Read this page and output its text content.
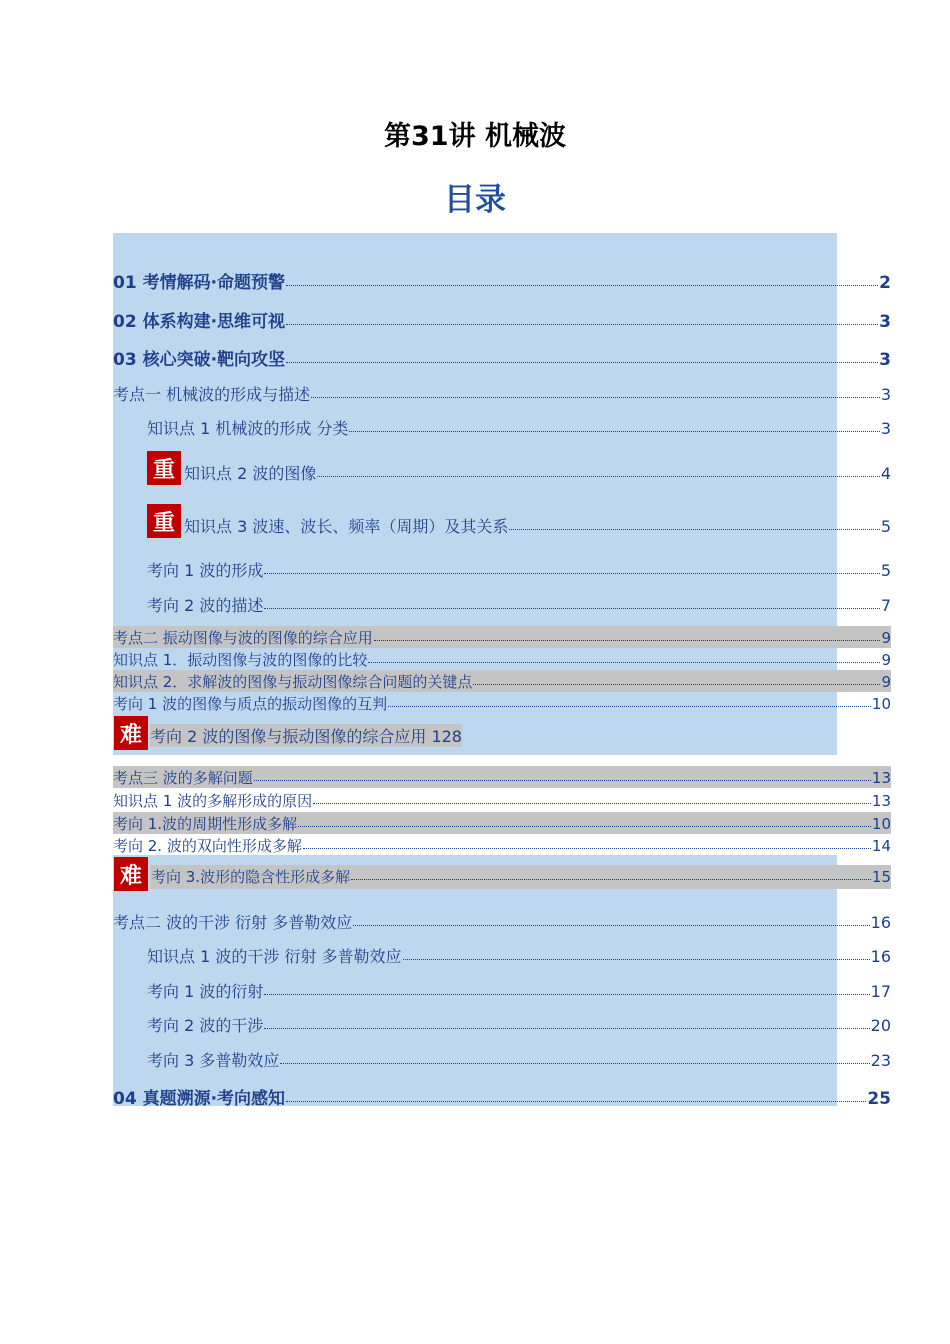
第31讲 机械波
目录
01 考情解码·命题预警	2
02 体系构建·思维可视	3
03 核心突破·靶向攻坚	3
考点一 机械波的形成与描述	3
知识点 1 机械波的形成 分类	3
重 知识点 2 波的图像	4
重 知识点 3 波速、波长、频率（周期）及其关系	5
考向 1 波的形成	5
考向 2 波的描述	7
考点二 振动图像与波的图像的综合应用	9
知识点 1．振动图像与波的图像的比较	9
知识点 2．求解波的图像与振动图像综合问题的关键点	9
考向 1 波的图像与质点的振动图像的互判	10
难 考向 2 波的图像与振动图像的综合应用 128
考点三 波的多解问题	13
知识点 1 波的多解形成的原因	13
考向 1.波的周期性形成多解	10
考向 2. 波的双向性形成多解	14
难 考向 3.波形的隐含性形成多解	15
考点二 波的干涉 衍射 多普勒效应	16
知识点 1 波的干涉 衍射 多普勒效应	16
考向 1 波的衍射	17
考向 2 波的干涉	20
考向 3 多普勒效应	23
04 真题溯源·考向感知	25
